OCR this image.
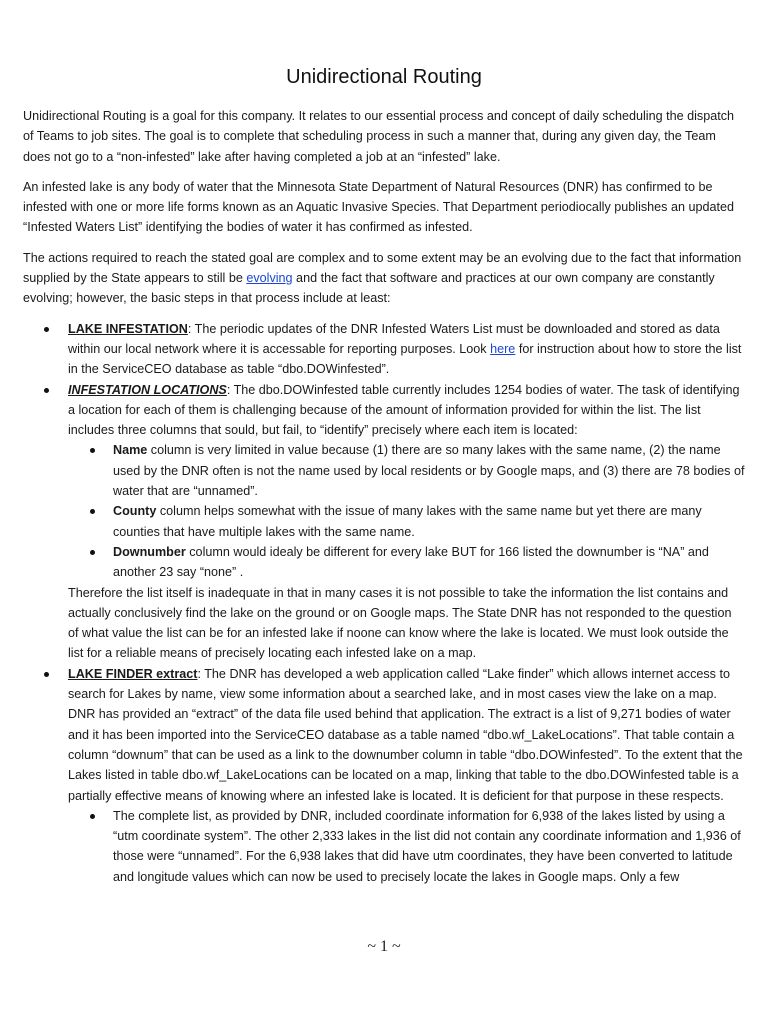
Unidirectional Routing

Unidirectional Routing is a goal for this company. It relates to our essential process and concept of daily scheduling the dispatch of Teams to job sites. The goal is to complete that scheduling process in such a manner that, during any given day, the Team does not go to a “non-infested” lake after having completed a job at an “infested” lake.

An infested lake is any body of water that the Minnesota State Department of Natural Resources (DNR) has confirmed to be infested with one or more life forms known as an Aquatic Invasive Species. That Department periodiocally publishes an updated “Infested Waters List” identifying the bodies of water it has confirmed as infested.

The actions required to reach the stated goal are complex and to some extent may be an evolving due to the fact that information supplied by the State appears to still be evolving and the fact that software and practices at our own company are constantly evolving; however, the basic steps in that process include at least:

LAKE INFESTATION: The periodic updates of the DNR Infested Waters List must be downloaded and stored as data within our local network where it is accessable for reporting purposes. Look here for instruction about how to store the list in the ServiceCEO database as table “dbo.DOWinfested”.
INFESTATION LOCATIONS: The dbo.DOWinfested table currently includes 1254 bodies of water. The task of identifying a location for each of them is challenging because of the amount of information provided for within the list. The list includes three columns that sould, but fail, to “identify” precisely where each item is located:
Name column is very limited in value because (1) there are so many lakes with the same name, (2) the name used by the DNR often is not the name used by local residents or by Google maps, and (3) there are 78 bodies of water that are “unnamed”.
County column helps somewhat with the issue of many lakes with the same name but yet there are many counties that have multiple lakes with the same name.
Downumber column would idealy be different for every lake BUT for 166 listed the downumber is “NA” and another 23 say “none” .
Therefore the list itself is inadequate in that in many cases it is not possible to take the information the list contains and actually conclusively find the lake on the ground or on Google maps. The State DNR has not responded to the question of what value the list can be for an infested lake if noone can know where the lake is located. We must look outside the list for a reliable means of precisely locating each infested lake on a map.
LAKE FINDER extract: The DNR has developed a web application called “Lake finder” which allows internet access to search for Lakes by name, view some information about a searched lake, and in most cases view the lake on a map. DNR has provided an “extract” of the data file used behind that application. The extract is a list of 9,271 bodies of water and it has been imported into the ServiceCEO database as a table named “dbo.wf_LakeLocations”. That table contain a column “downum” that can be used as a link to the downumber column in table “dbo.DOWinfested”. To the extent that the Lakes listed in table dbo.wf_LakeLocations can be located on a map, linking that table to the dbo.DOWinfested table is a partially effective means of knowing where an infested lake is located. It is deficient for that purpose in these respects.
The complete list, as provided by DNR, included coordinate information for 6,938 of the lakes listed by using a “utm coordinate system”. The other 2,333 lakes in the list did not contain any coordinate information and 1,936 of those were “unnamed”. For the 6,938 lakes that did have utm coordinates, they have been converted to latitude and longitude values which can now be used to precisely locate the lakes in Google maps. Only a few
~ 1 ~
